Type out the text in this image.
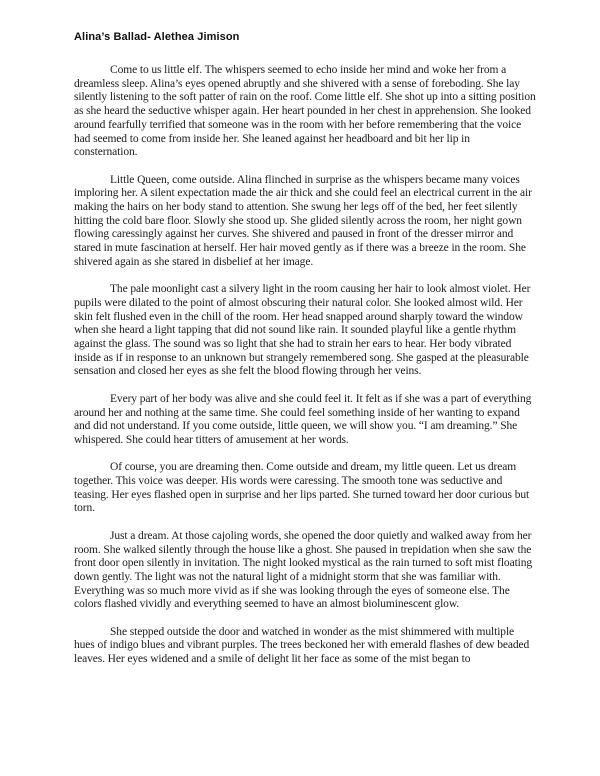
Alina’s Ballad- Alethea Jimison

Come to us little elf. The whispers seemed to echo inside her mind and woke her from a dreamless sleep. Alina’s eyes opened abruptly and she shivered with a sense of foreboding. She lay silently listening to the soft patter of rain on the roof. Come little elf. She shot up into a sitting position as she heard the seductive whisper again. Her heart pounded in her chest in apprehension. She looked around fearfully terrified that someone was in the room with her before remembering that the voice had seemed to come from inside her. She leaned against her headboard and bit her lip in consternation.

Little Queen, come outside. Alina flinched in surprise as the whispers became many voices imploring her. A silent expectation made the air thick and she could feel an electrical current in the air making the hairs on her body stand to attention. She swung her legs off of the bed, her feet silently hitting the cold bare floor. Slowly she stood up. She glided silently across the room, her night gown flowing caressingly against her curves. She shivered and paused in front of the dresser mirror and stared in mute fascination at herself. Her hair moved gently as if there was a breeze in the room. She shivered again as she stared in disbelief at her image.

The pale moonlight cast a silvery light in the room causing her hair to look almost violet. Her pupils were dilated to the point of almost obscuring their natural color. She looked almost wild. Her skin felt flushed even in the chill of the room. Her head snapped around sharply toward the window when she heard a light tapping that did not sound like rain. It sounded playful like a gentle rhythm against the glass. The sound was so light that she had to strain her ears to hear. Her body vibrated inside as if in response to an unknown but strangely remembered song. She gasped at the pleasurable sensation and closed her eyes as she felt the blood flowing through her veins.

Every part of her body was alive and she could feel it. It felt as if she was a part of everything around her and nothing at the same time. She could feel something inside of her wanting to expand and did not understand. If you come outside, little queen, we will show you. “I am dreaming.” She whispered. She could hear titters of amusement at her words.

Of course, you are dreaming then. Come outside and dream, my little queen. Let us dream together. This voice was deeper. His words were caressing. The smooth tone was seductive and teasing. Her eyes flashed open in surprise and her lips parted. She turned toward her door curious but torn.

Just a dream. At those cajoling words, she opened the door quietly and walked away from her room. She walked silently through the house like a ghost. She paused in trepidation when she saw the front door open silently in invitation. The night looked mystical as the rain turned to soft mist floating down gently. The light was not the natural light of a midnight storm that she was familiar with. Everything was so much more vivid as if she was looking through the eyes of someone else. The colors flashed vividly and everything seemed to have an almost bioluminescent glow.

She stepped outside the door and watched in wonder as the mist shimmered with multiple hues of indigo blues and vibrant purples. The trees beckoned her with emerald flashes of dew beaded leaves. Her eyes widened and a smile of delight lit her face as some of the mist began to
